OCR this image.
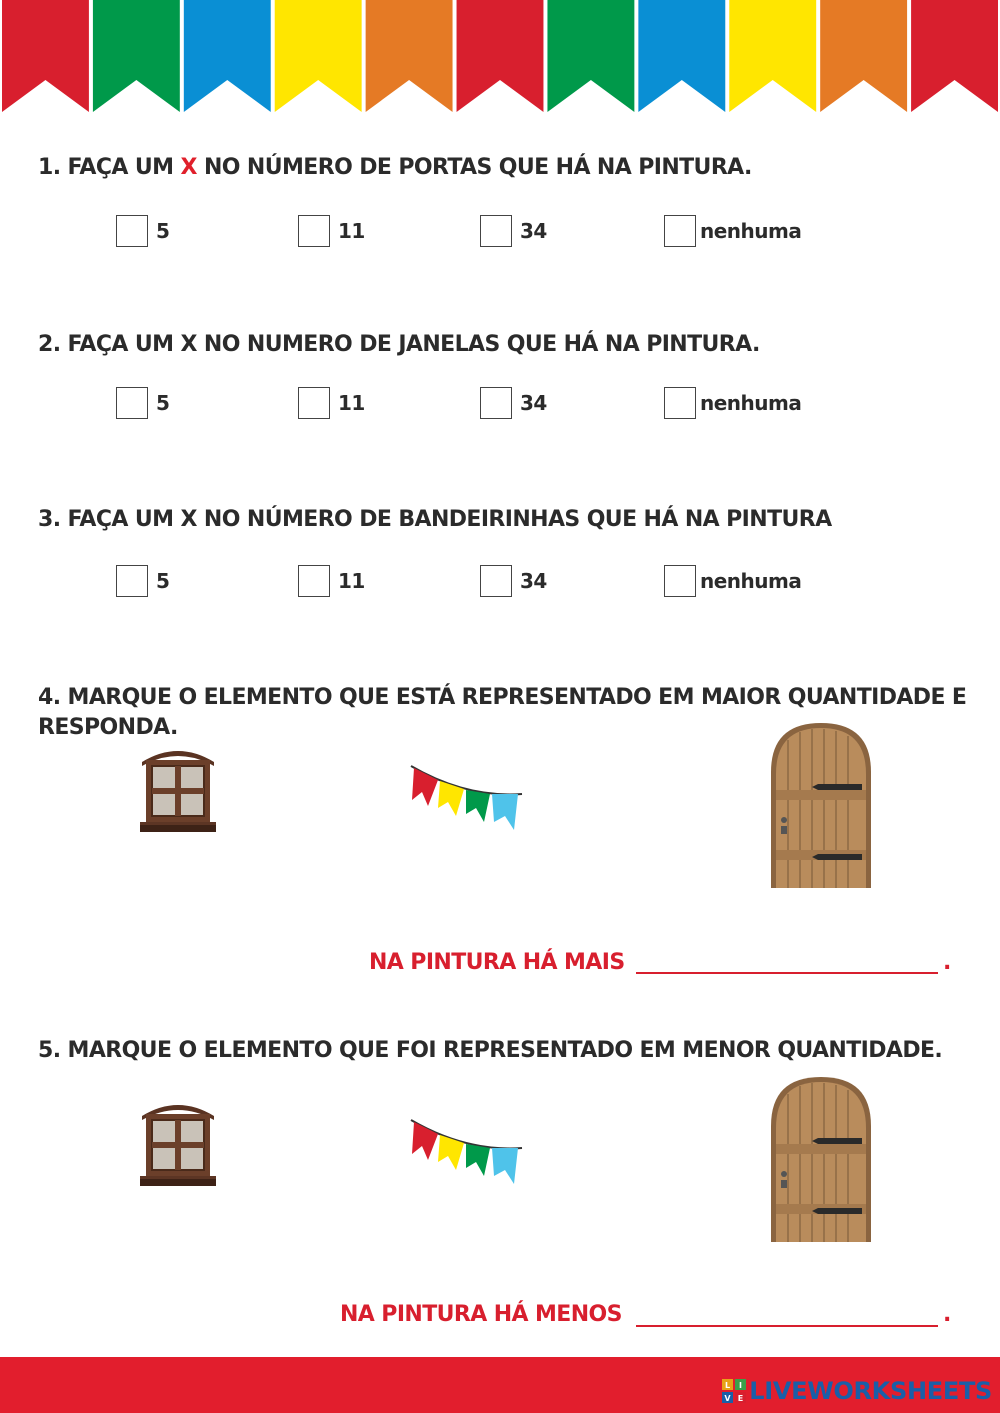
1. FAÇA UM X NO NÚMERO DE PORTAS QUE HÁ NA PINTURA.
5	11	34	nenhuma
2. FAÇA UM X NO NUMERO DE JANELAS QUE HÁ NA PINTURA.
5	11	34	nenhuma
3. FAÇA UM X NO NÚMERO DE BANDEIRINHAS QUE HÁ NA PINTURA
5	11	34	nenhuma
4. MARQUE O ELEMENTO QUE ESTÁ REPRESENTADO EM MAIOR QUANTIDADE E RESPONDA.
NA PINTURA HÁ MAIS	.
5. MARQUE O ELEMENTO QUE FOI REPRESENTADO EM MENOR QUANTIDADE.
NA PINTURA HÁ MENOS	.
L I
V E LIVEWORKSHEETS
